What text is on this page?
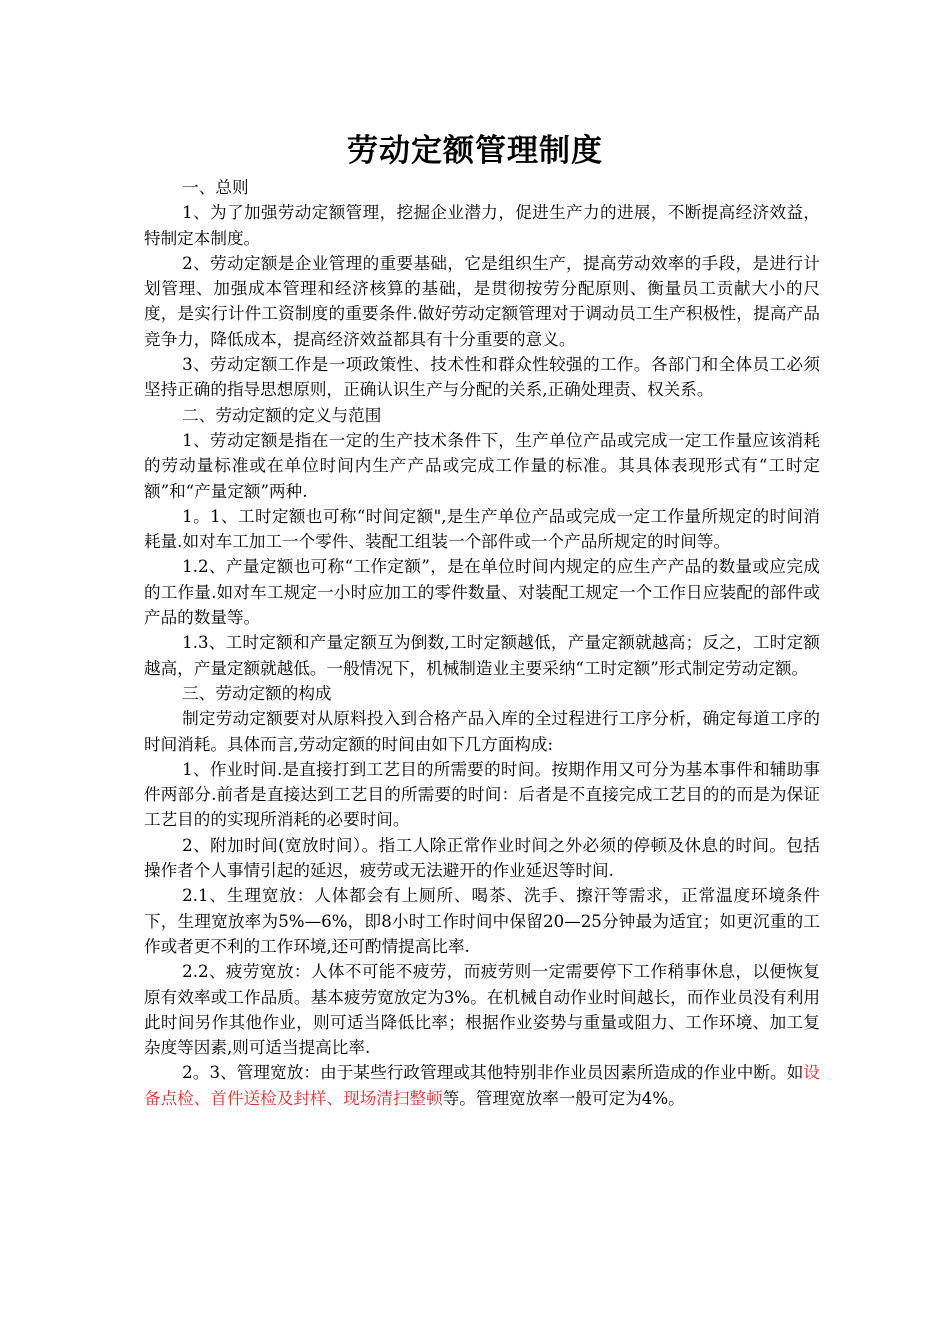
劳动定额管理制度

一、总则

1、为了加强劳动定额管理，挖掘企业潜力，促进生产力的进展，不断提高经济效益，特制定本制度。

2、劳动定额是企业管理的重要基础，它是组织生产，提高劳动效率的手段，是进行计划管理、加强成本管理和经济核算的基础，是贯彻按劳分配原则、衡量员工贡献大小的尺度，是实行计件工资制度的重要条件.做好劳动定额管理对于调动员工生产积极性，提高产品竞争力，降低成本，提高经济效益都具有十分重要的意义。

3、劳动定额工作是一项政策性、技术性和群众性较强的工作。各部门和全体员工必须坚持正确的指导思想原则，正确认识生产与分配的关系,正确处理责、权关系。

二、劳动定额的定义与范围

1、劳动定额是指在一定的生产技术条件下，生产单位产品或完成一定工作量应该消耗的劳动量标准或在单位时间内生产产品或完成工作量的标准。其具体表现形式有“工时定额”和“产量定额”两种.

1。1、工时定额也可称“时间定额",是生产单位产品或完成一定工作量所规定的时间消耗量.如对车工加工一个零件、装配工组装一个部件或一个产品所规定的时间等。

1.2、产量定额也可称“工作定额”，是在单位时间内规定的应生产产品的数量或应完成的工作量.如对车工规定一小时应加工的零件数量、对装配工规定一个工作日应装配的部件或产品的数量等。

1.3、工时定额和产量定额互为倒数,工时定额越低，产量定额就越高；反之，工时定额越高，产量定额就越低。一般情况下，机械制造业主要采纳“工时定额”形式制定劳动定额。

三、劳动定额的构成

制定劳动定额要对从原料投入到合格产品入库的全过程进行工序分析，确定每道工序的时间消耗。具体而言,劳动定额的时间由如下几方面构成:

1、作业时间.是直接打到工艺目的所需要的时间。按期作用又可分为基本事件和辅助事件两部分.前者是直接达到工艺目的所需要的时间：后者是不直接完成工艺目的的而是为保证工艺目的的实现所消耗的必要时间。

2、附加时间(宽放时间）。指工人除正常作业时间之外必须的停顿及休息的时间。包括操作者个人事情引起的延迟，疲劳或无法避开的作业延迟等时间.

2.1、生理宽放：人体都会有上厕所、喝茶、洗手、擦汗等需求，正常温度环境条件下，生理宽放率为5%—6%，即8小时工作时间中保留20—25分钟最为适宜；如更沉重的工作或者更不利的工作环境,还可酌情提高比率.

2.2、疲劳宽放：人体不可能不疲劳，而疲劳则一定需要停下工作稍事休息，以便恢复原有效率或工作品质。基本疲劳宽放定为3%。在机械自动作业时间越长，而作业员没有利用此时间另作其他作业，则可适当降低比率；根据作业姿势与重量或阻力、工作环境、加工复杂度等因素,则可适当提高比率.

2。3、管理宽放：由于某些行政管理或其他特别非作业员因素所造成的作业中断。如设备点检、首件送检及封样、现场清扫整顿等。管理宽放率一般可定为4%。
